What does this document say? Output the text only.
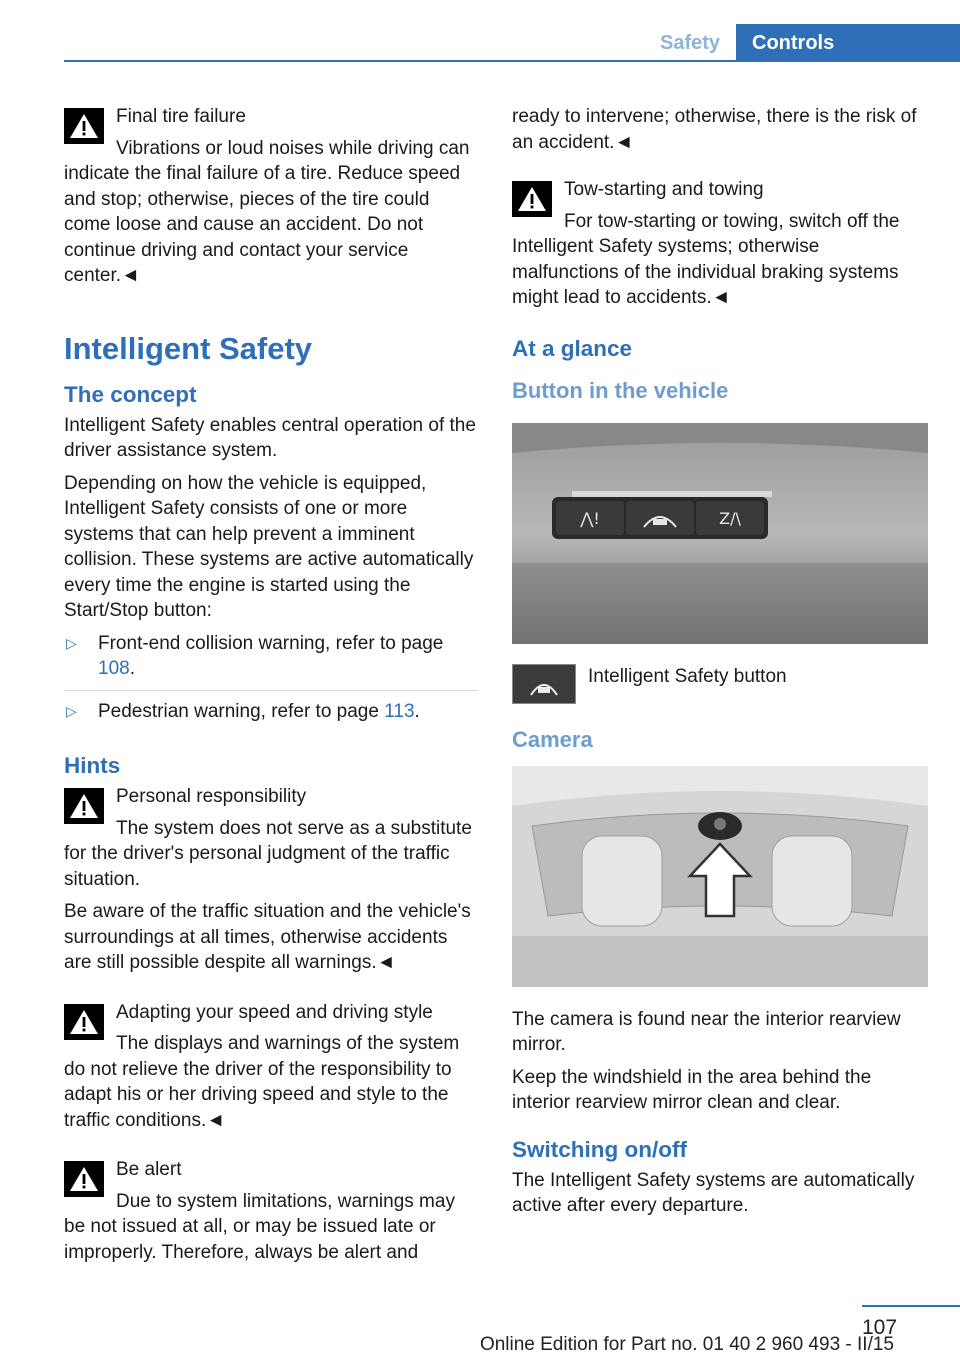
Safety	Controls
Final tire failure

Vibrations or loud noises while driving can indicate the final failure of a tire. Reduce speed and stop; otherwise, pieces of the tire could come loose and cause an accident. Do not continue driving and contact your service center.◄

Intelligent Safety
The concept

Intelligent Safety enables central operation of the driver assistance system.

Depending on how the vehicle is equipped, Intelligent Safety consists of one or more systems that can help prevent a imminent collision. These systems are active automatically every time the engine is started using the Start/Stop button:

▷ Front-end collision warning, refer to page 108.
▷ Pedestrian warning, refer to page 113.
Hints
Personal responsibility

The system does not serve as a substitute for the driver's personal judgment of the traffic situation.

Be aware of the traffic situation and the vehicle's surroundings at all times, otherwise accidents are still possible despite all warnings.◄

Adapting your speed and driving style

The displays and warnings of the system do not relieve the driver of the responsibility to adapt his or her driving speed and style to the traffic conditions.◄

Be alert

Due to system limitations, warnings may be not issued at all, or may be issued late or improperly. Therefore, always be alert and

ready to intervene; otherwise, there is the risk of an accident.◄

Tow-starting and towing

For tow-starting or towing, switch off the Intelligent Safety systems; otherwise malfunctions of the individual braking systems might lead to accidents.◄

At a glance
Button in the vehicle
⋀!	Z/\
Intelligent Safety button
Camera

The camera is found near the interior rearview mirror.

Keep the windshield in the area behind the interior rearview mirror clean and clear.

Switching on/off

The Intelligent Safety systems are automatically active after every departure.

107
Online Edition for Part no. 01 40 2 960 493 - II/15
